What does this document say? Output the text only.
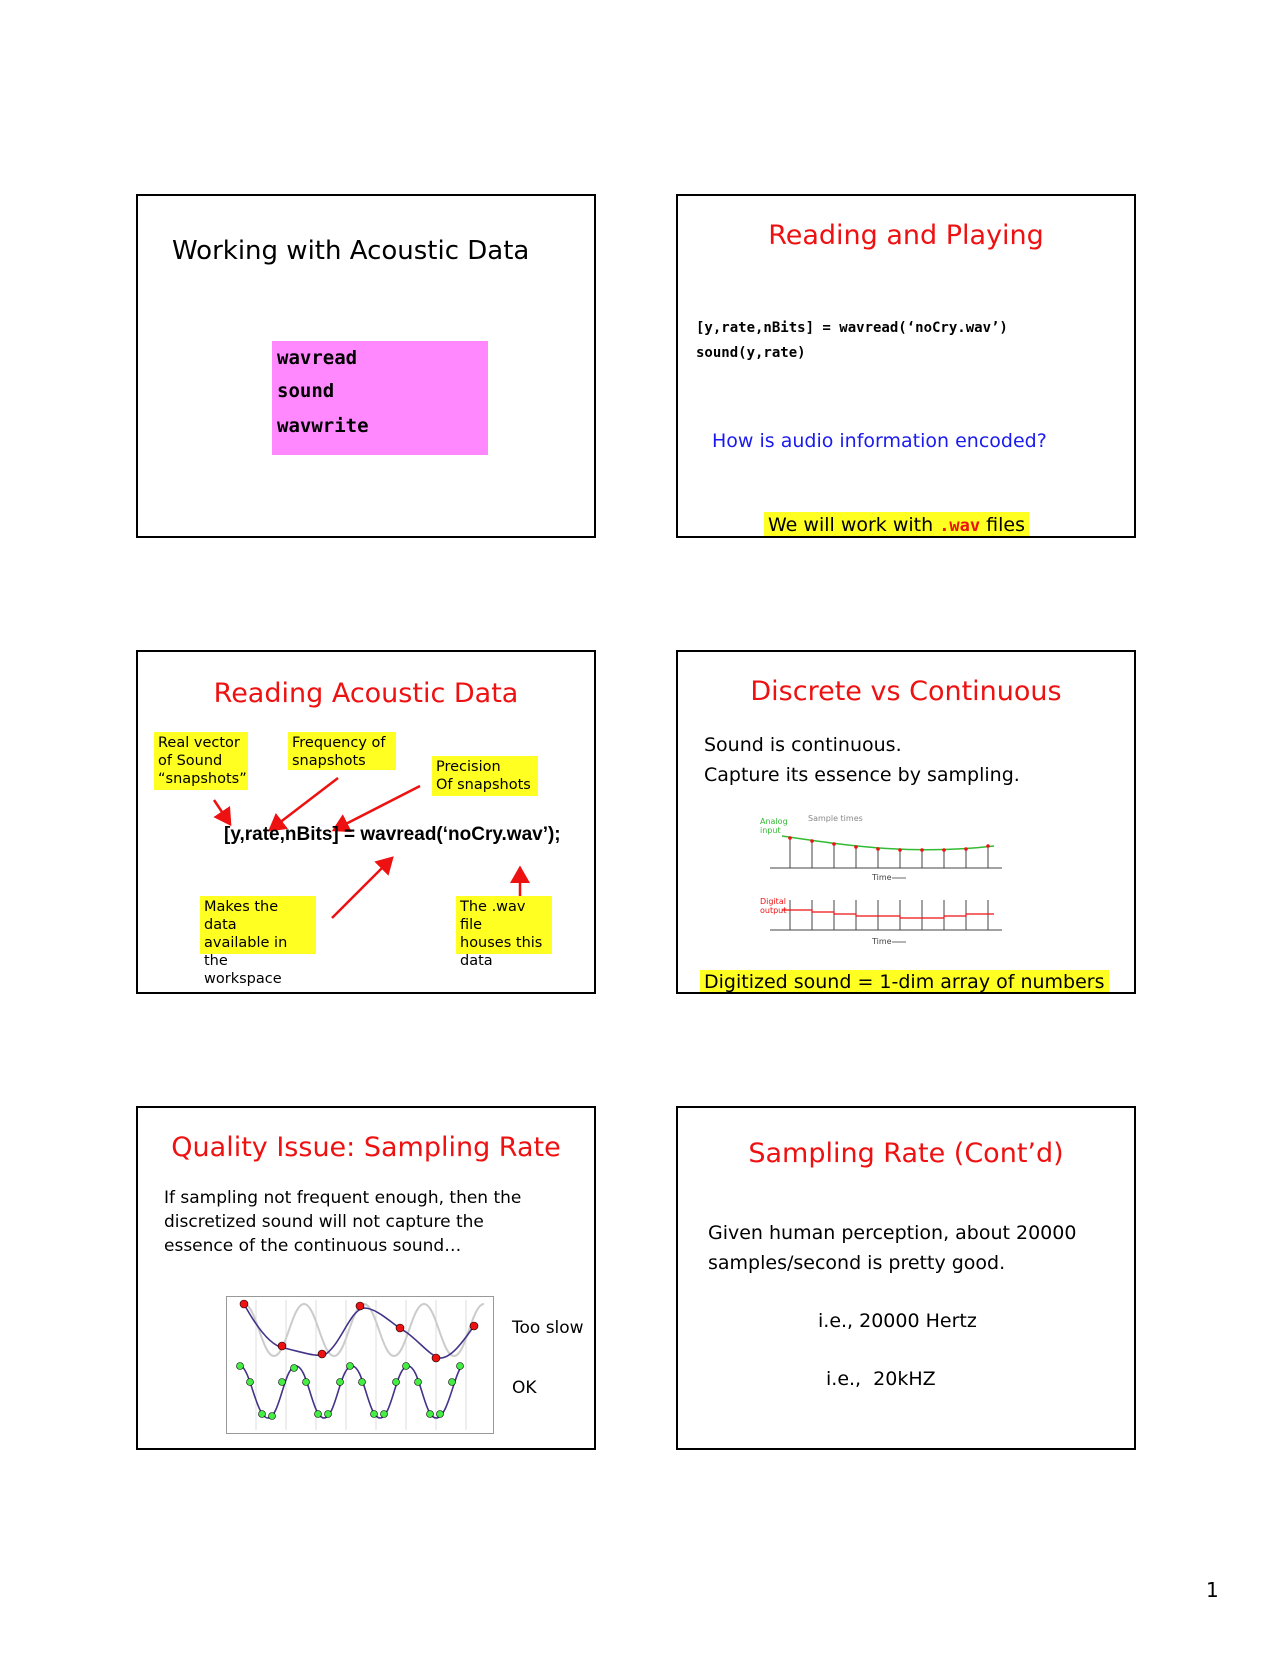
Working with Acoustic Data
wavread
sound
wavwrite
Reading and Playing
[y,rate,nBits] = wavread(‘noCry.wav’)
sound(y,rate)
How is audio information encoded?
We will work with .wav files
Reading Acoustic Data
Real vector
of Sound
“snapshots”
Frequency of
snapshots	Precision
Of snapshots
[y,rate,nBits] = wavread(‘noCry.wav’);
Makes the data
available in the
workspace
The .wav file
houses this
data
Discrete vs Continuous
Sound is continuous.
Capture its essence by sampling.
Analog
input
Sample times
Time
Digital
output
Time
Digitized sound = 1-dim array of numbers
Quality Issue: Sampling Rate
If sampling not frequent enough, then the
discretized sound will not capture the
essence of the continuous sound…
Too slow
OK
Sampling Rate (Cont’d)
Given human perception, about 20000
samples/second is pretty good.
i.e., 20000 Hertz
i.e.,  20kHZ
1
